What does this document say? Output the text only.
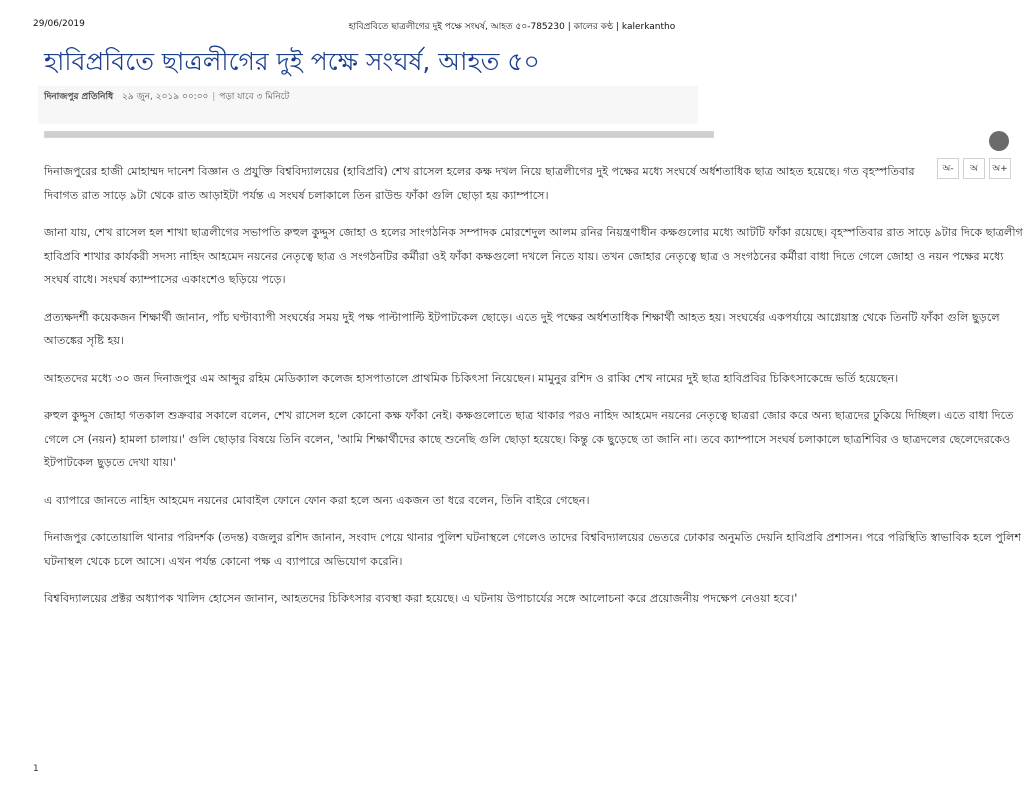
29/06/2019	হাবিপ্রবিতে ছাত্রলীগের দুই পক্ষে সংঘর্ষ, আহত ৫০-785230 | কালের কণ্ঠ | kalerkantho
হাবিপ্রবিতে ছাত্রলীগের দুই পক্ষে সংঘর্ষ, আহত ৫০
দিনাজপুর প্রতিনিধি ২৯ জুন, ২০১৯ ০০:০০ | পড়া যাবে ৩ মিনিটে
অ-	অ	অ+

দিনাজপুরের হাজী মোহাম্মদ দানেশ বিজ্ঞান ও প্রযুক্তি বিশ্ববিদ্যালয়ের (হাবিপ্রবি) শেখ রাসেল হলের কক্ষ দখল নিয়ে ছাত্রলীগের দুই পক্ষের মধ্যে সংঘর্ষে অর্ধশতাধিক ছাত্র আহত হয়েছে। গত বৃহস্পতিবার দিবাগত রাত সাড়ে ৯টা থেকে রাত আড়াইটা পর্যন্ত এ সংঘর্ষ চলাকালে তিন রাউন্ড ফাঁকা গুলি ছোড়া হয় ক্যাম্পাসে।

জানা যায়, শেখ রাসেল হল শাখা ছাত্রলীগের সভাপতি রুহুল কুদ্দুস জোহা ও হলের সাংগঠনিক সম্পাদক মোরশেদুল আলম রনির নিয়ন্ত্রণাধীন কক্ষগুলোর মধ্যে আটটি ফাঁকা রয়েছে। বৃহস্পতিবার রাত সাড়ে ৯টার দিকে ছাত্রলীগ হাবিপ্রবি শাখার কার্যকরী সদস্য নাহিদ আহমেদ নয়নের নেতৃত্বে ছাত্র ও সংগঠনটির কর্মীরা ওই ফাঁকা কক্ষগুলো দখলে নিতে যায়। তখন জোহার নেতৃত্বে ছাত্র ও সংগঠনের কর্মীরা বাধা দিতে গেলে জোহা ও নয়ন পক্ষের মধ্যে সংঘর্ষ বাধে। সংঘর্ষ ক্যাম্পাসের একাংশেও ছড়িয়ে পড়ে।

প্রত্যক্ষদর্শী কয়েকজন শিক্ষার্থী জানান, পাঁচ ঘণ্টাব্যাপী সংঘর্ষের সময় দুই পক্ষ পাল্টাপাল্টি ইটপাটকেল ছোড়ে। এতে দুই পক্ষের অর্ধশতাধিক শিক্ষার্থী আহত হয়। সংঘর্ষের একপর্যায়ে আগ্নেয়াস্ত্র থেকে তিনটি ফাঁকা গুলি ছুড়লে আতঙ্কের সৃষ্টি হয়।

আহতদের মধ্যে ৩০ জন দিনাজপুর এম আব্দুর রহিম মেডিক্যাল কলেজ হাসপাতালে প্রাথমিক চিকিৎসা নিয়েছেন। মামুনুর রশিদ ও রাব্বি শেখ নামের দুই ছাত্র হাবিপ্রবির চিকিৎসাকেন্দ্রে ভর্তি হয়েছেন।

রুহুল কুদ্দুস জোহা গতকাল শুক্রবার সকালে বলেন, শেখ রাসেল হলে কোনো কক্ষ ফাঁকা নেই। কক্ষগুলোতে ছাত্র থাকার পরও নাহিদ আহমেদ নয়নের নেতৃত্বে ছাত্ররা জোর করে অন্য ছাত্রদের ঢুকিয়ে দিচ্ছিল। এতে বাধা দিতে গেলে সে (নয়ন) হামলা চালায়।' গুলি ছোড়ার বিষয়ে তিনি বলেন, 'আমি শিক্ষার্থীদের কাছে শুনেছি গুলি ছোড়া হয়েছে। কিন্তু কে ছুড়েছে তা জানি না। তবে ক্যাম্পাসে সংঘর্ষ চলাকালে ছাত্রশিবির ও ছাত্রদলের ছেলেদেরকেও ইটপাটকেল ছুড়তে দেখা যায়।'

এ ব্যাপারে জানতে নাহিদ আহমেদ নয়নের মোবাইল ফোনে ফোন করা হলে অন্য একজন তা ধরে বলেন, তিনি বাইরে গেছেন।

দিনাজপুর কোতোয়ালি থানার পরিদর্শক (তদন্ত) বজলুর রশিদ জানান, সংবাদ পেয়ে থানার পুলিশ ঘটনাস্থলে গেলেও তাদের বিশ্ববিদ্যালয়ের ভেতরে ঢোকার অনুমতি দেয়নি হাবিপ্রবি প্রশাসন। পরে পরিস্থিতি স্বাভাবিক হলে পুলিশ ঘটনাস্থল থেকে চলে আসে। এখন পর্যন্ত কোনো পক্ষ এ ব্যাপারে অভিযোগ করেনি।

বিশ্ববিদ্যালয়ের প্রক্টর অধ্যাপক খালিদ হোসেন জানান, আহতদের চিকিৎসার ব্যবস্থা করা হয়েছে। এ ঘটনায় উপাচার্যের সঙ্গে আলোচনা করে প্রয়োজনীয় পদক্ষেপ নেওয়া হবে।'

1
